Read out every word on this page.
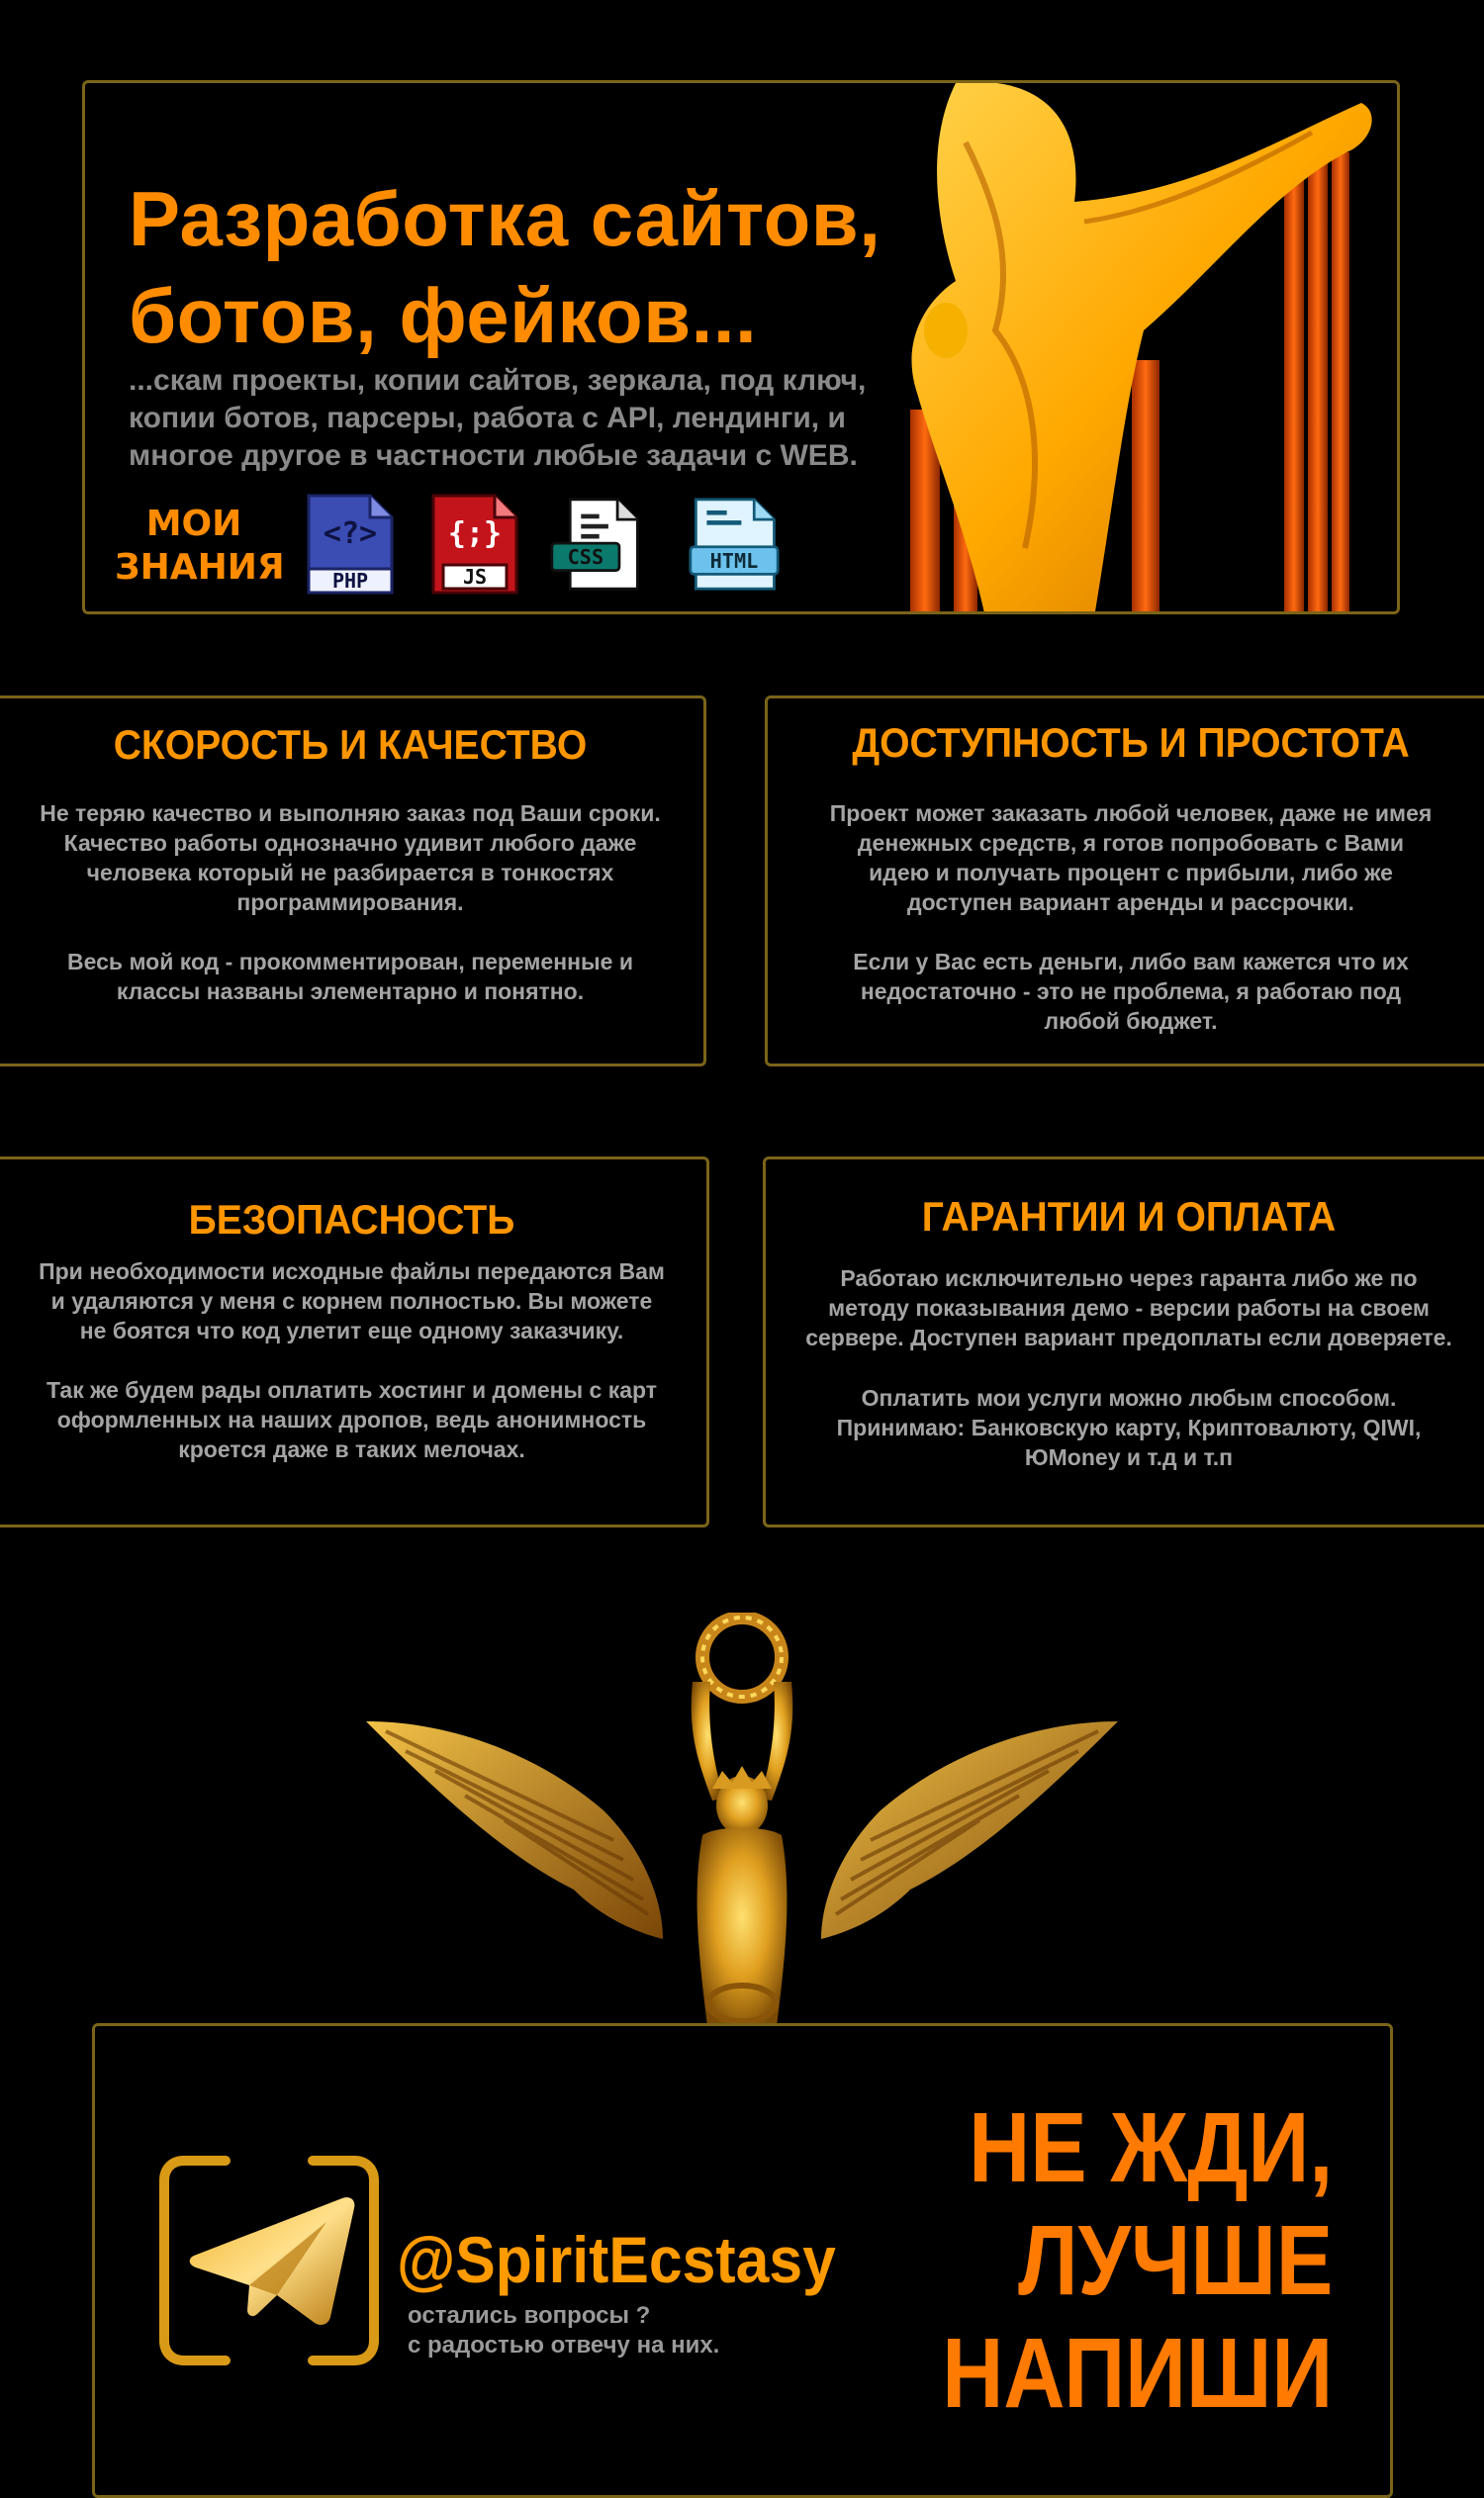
Разработка сайтов,
ботов, фейков...

...скам проекты, копии сайтов, зеркала, под ключ, копии ботов, парсеры, работа с API, лендинги, и многое другое в частности любые задачи с WEB.

МОИ
ЗНАНИЯ

<?>
PHP
{;}
JS
CSS	HTML
СКОРОСТЬ И КАЧЕСТВО

Не теряю качество и выполняю заказ под Ваши сроки.
Качество работы однозначно удивит любого даже
человека который не разбирается в тонкостях
программирования.

Весь мой код - прокомментирован, переменные и
классы названы элементарно и понятно.

ДОСТУПНОСТЬ И ПРОСТОТА

Проект может заказать любой человек, даже не имея
денежных средств, я готов попробовать с Вами
идею и получать процент с прибыли, либо же
доступен вариант аренды и рассрочки.

Если у Вас есть деньги, либо вам кажется что их
недостаточно - это не проблема, я работаю под
любой бюджет.

БЕЗОПАСНОСТЬ

При необходимости исходные файлы передаются Вам
и удаляются у меня с корнем полностью. Вы можете
не боятся что код улетит еще одному заказчику.

Так же будем рады оплатить хостинг и домены с карт
оформленных на наших дропов, ведь анонимность
кроется даже в таких мелочах.

ГАРАНТИИ И ОПЛАТА

Работаю исключительно через гаранта либо же по
методу показывания демо - версии работы на своем
сервере. Доступен вариант предоплаты если доверяете.

Оплатить мои услуги можно любым способом.
Принимаю: Банковскую карту, Криптовалюту, QIWI,
ЮMoney и т.д и т.п

@SpiritEcstasy

остались вопросы ?
с радостью отвечу на них.

НЕ ЖДИ,
ЛУЧШЕ
НАПИШИ
